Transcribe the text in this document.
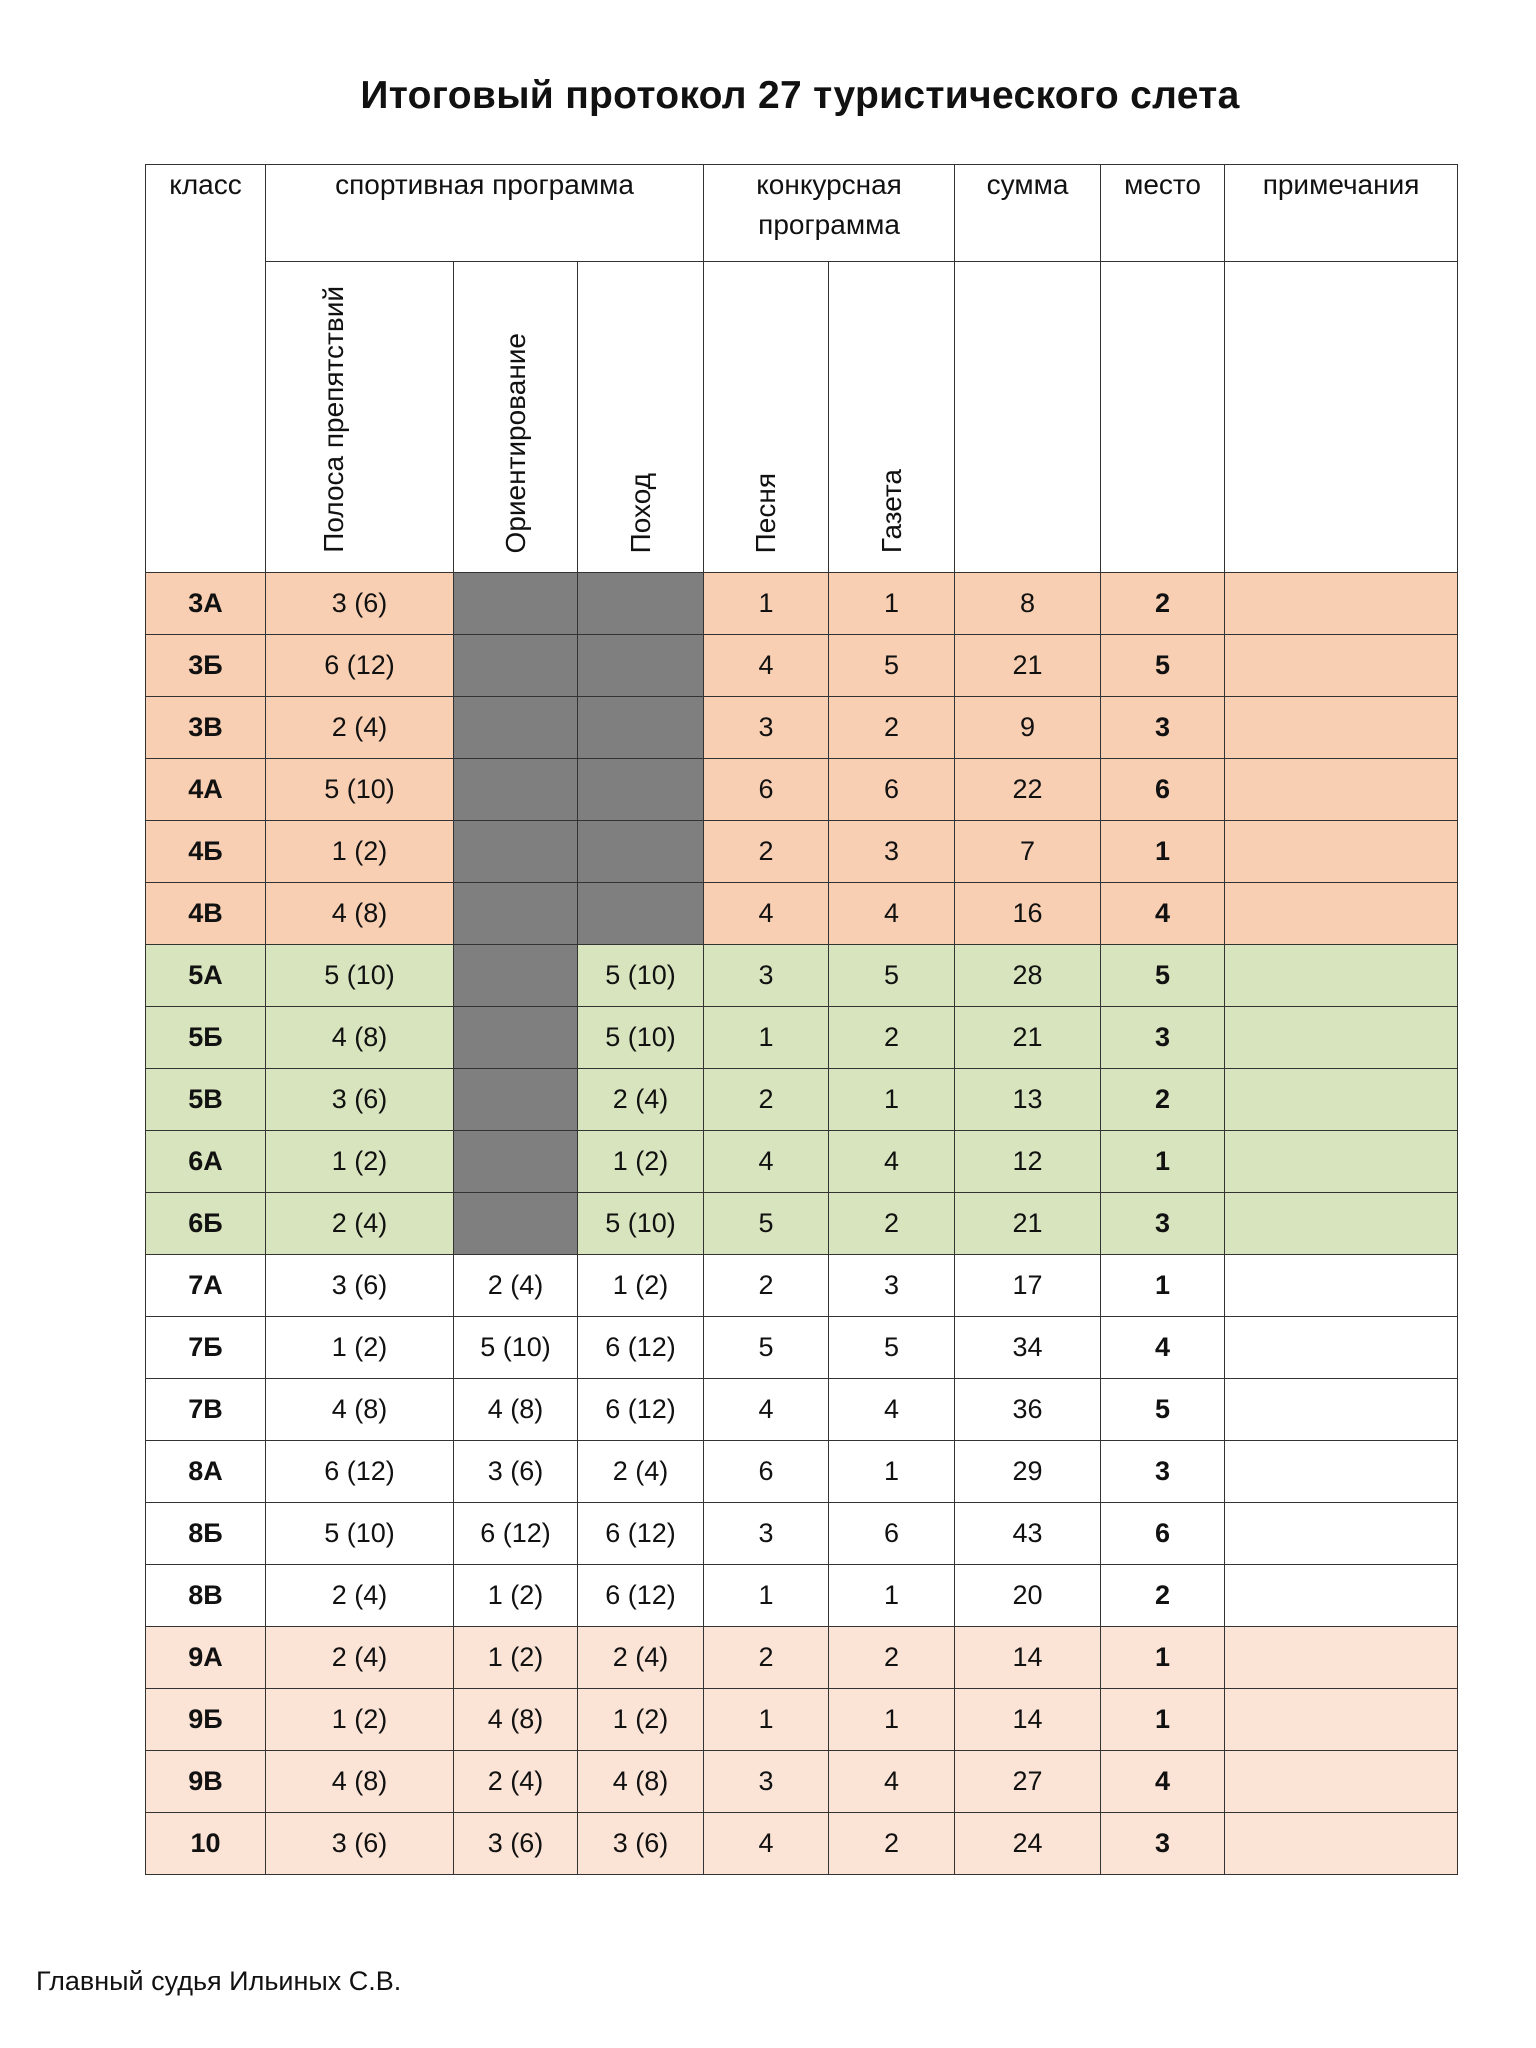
Итоговый протокол 27 туристического слета
класс	спортивная программа			конкурсная программа		сумма	место	примечания
	Полоса препятствий	Ориентирование	Поход	Песня	Газета			
3А	3 (6)			1	1	8	2	
3Б	6 (12)			4	5	21	5	
3В	2 (4)			3	2	9	3	
4А	5 (10)			6	6	22	6	
4Б	1 (2)			2	3	7	1	
4В	4 (8)			4	4	16	4	
5А	5 (10)		5 (10)	3	5	28	5	
5Б	4 (8)		5 (10)	1	2	21	3	
5В	3 (6)		2 (4)	2	1	13	2	
6А	1 (2)		1 (2)	4	4	12	1	
6Б	2 (4)		5 (10)	5	2	21	3	
7А	3 (6)	2 (4)	1 (2)	2	3	17	1	
7Б	1 (2)	5 (10)	6 (12)	5	5	34	4	
7В	4 (8)	4 (8)	6 (12)	4	4	36	5	
8А	6 (12)	3 (6)	2 (4)	6	1	29	3	
8Б	5 (10)	6 (12)	6 (12)	3	6	43	6	
8В	2 (4)	1 (2)	6 (12)	1	1	20	2	
9А	2 (4)	1 (2)	2 (4)	2	2	14	1	
9Б	1 (2)	4 (8)	1 (2)	1	1	14	1	
9В	4 (8)	2 (4)	4 (8)	3	4	27	4	
10	3 (6)	3 (6)	3 (6)	4	2	24	3	
Главный судья Ильиных С.В.
